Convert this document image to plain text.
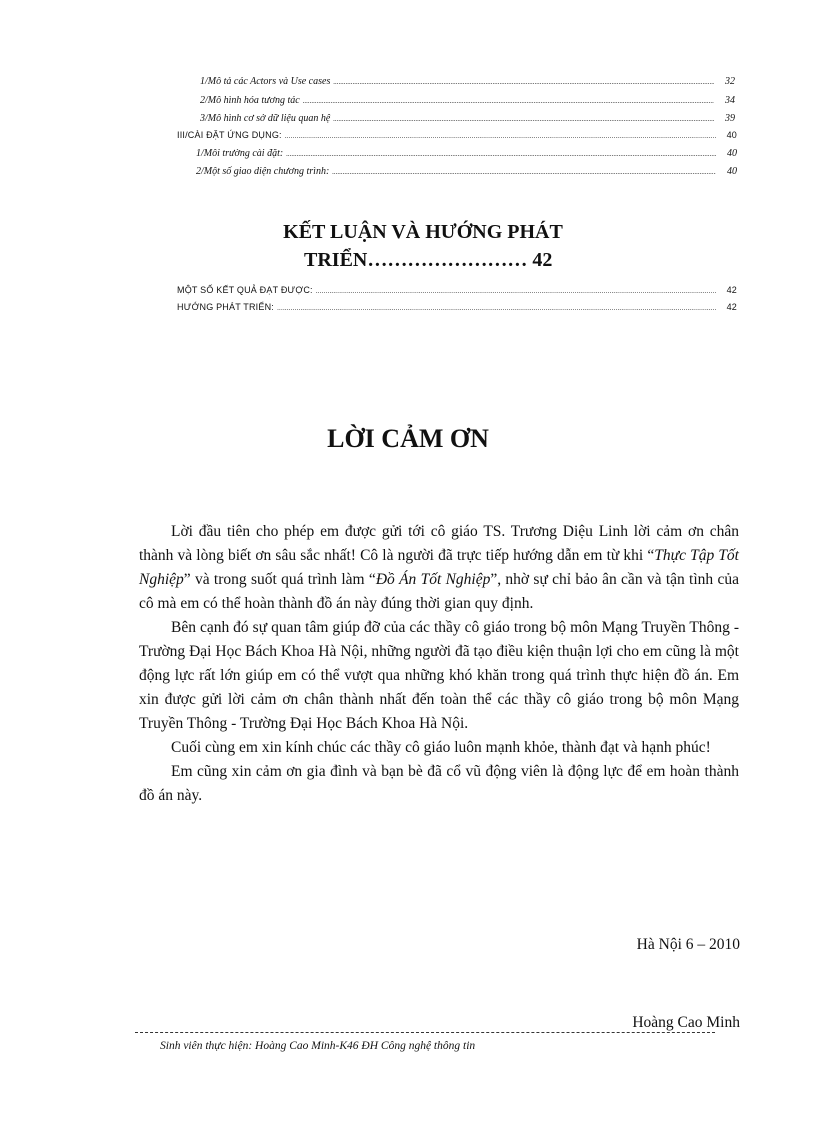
1/Mô tả các Actors và Use cases .....	32
2/Mô hình hóa tương tác .....	34
3/Mô hình cơ sở dữ liệu quan hệ .....	39
III/CÀI ĐẶT ỨNG DỤNG: .....	40
1/Môi trường cài đặt: .....	40
2/Một số giao diện chương trình: .....	40
KẾT LUẬN VÀ HƯỚNG PHÁT
TRIỂN…………………… 42
MỘT SỐ KẾT QUẢ ĐẠT ĐƯỢC: .....	42
HƯỚNG PHÁT TRIỂN: .....	42
LỜI CẢM ƠN

Lời đầu tiên cho phép em được gửi tới cô giáo TS. Trương Diệu Linh lời cảm ơn chân thành và lòng biết ơn sâu sắc nhất! Cô là người đã trực tiếp hướng dẫn em từ khi “Thực Tập Tốt Nghiệp” và trong suốt quá trình làm “Đồ Án Tốt Nghiệp”, nhờ sự chỉ bảo ân cần và tận tình của cô mà em có thể hoàn thành đồ án này đúng thời gian quy định.

Bên cạnh đó sự quan tâm giúp đỡ của các thầy cô giáo trong bộ môn Mạng Truyền Thông - Trường Đại Học Bách Khoa Hà Nội, những người đã tạo điều kiện thuận lợi cho em cũng là một động lực rất lớn giúp em có thể vượt qua những khó khăn trong quá trình thực hiện đồ án. Em xin được gửi lời cảm ơn chân thành nhất đến toàn thể các thầy cô giáo trong bộ môn Mạng Truyền Thông - Trường Đại Học Bách Khoa Hà Nội.

Cuối cùng em xin kính chúc các thầy cô giáo luôn mạnh khỏe, thành đạt và hạnh phúc!

Em cũng xin cảm ơn gia đình và bạn bè đã cổ vũ động viên là động lực để em hoàn thành đồ án này.

Hà Nội 6 – 2010
Hoàng Cao Minh
Sinh viên thực hiện: Hoàng Cao Minh-K46 ĐH Công nghệ thông tin
